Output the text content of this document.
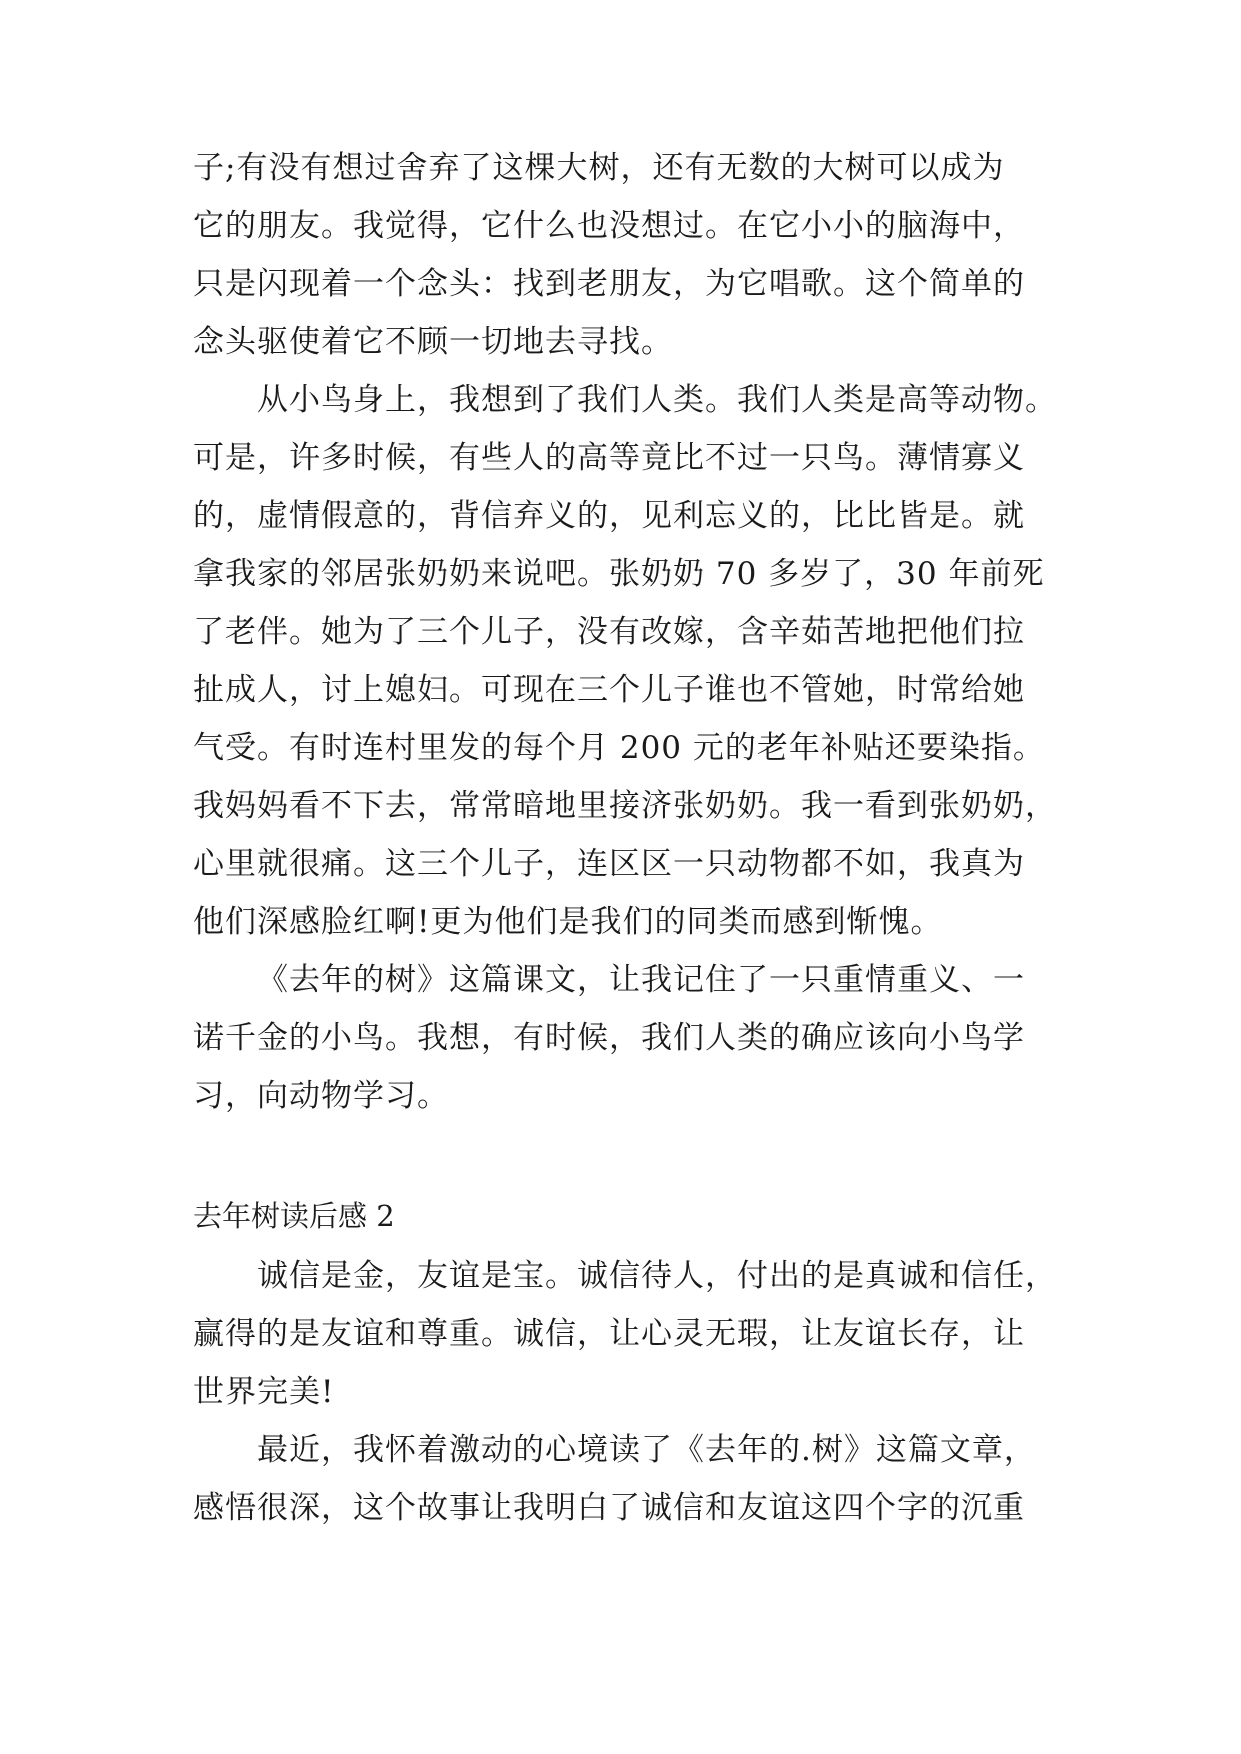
子;有没有想过舍弃了这棵大树，还有无数的大树可以成为
它的朋友。我觉得，它什么也没想过。在它小小的脑海中，
只是闪现着一个念头：找到老朋友，为它唱歌。这个简单的
念头驱使着它不顾一切地去寻找。
从小鸟身上，我想到了我们人类。我们人类是高等动物。
可是，许多时候，有些人的高等竟比不过一只鸟。薄情寡义
的，虚情假意的，背信弃义的，见利忘义的，比比皆是。就
拿我家的邻居张奶奶来说吧。张奶奶 70 多岁了，30 年前死
了老伴。她为了三个儿子，没有改嫁，含辛茹苦地把他们拉
扯成人，讨上媳妇。可现在三个儿子谁也不管她，时常给她
气受。有时连村里发的每个月 200 元的老年补贴还要染指。
我妈妈看不下去，常常暗地里接济张奶奶。我一看到张奶奶，
心里就很痛。这三个儿子，连区区一只动物都不如，我真为
他们深感脸红啊!更为他们是我们的同类而感到惭愧。
《去年的树》这篇课文，让我记住了一只重情重义、一
诺千金的小鸟。我想，有时候，我们人类的确应该向小鸟学
习，向动物学习。
去年树读后感 2
诚信是金，友谊是宝。诚信待人，付出的是真诚和信任，
赢得的是友谊和尊重。诚信，让心灵无瑕，让友谊长存，让
世界完美!
最近，我怀着激动的心境读了《去年的.树》这篇文章，
感悟很深，这个故事让我明白了诚信和友谊这四个字的沉重
